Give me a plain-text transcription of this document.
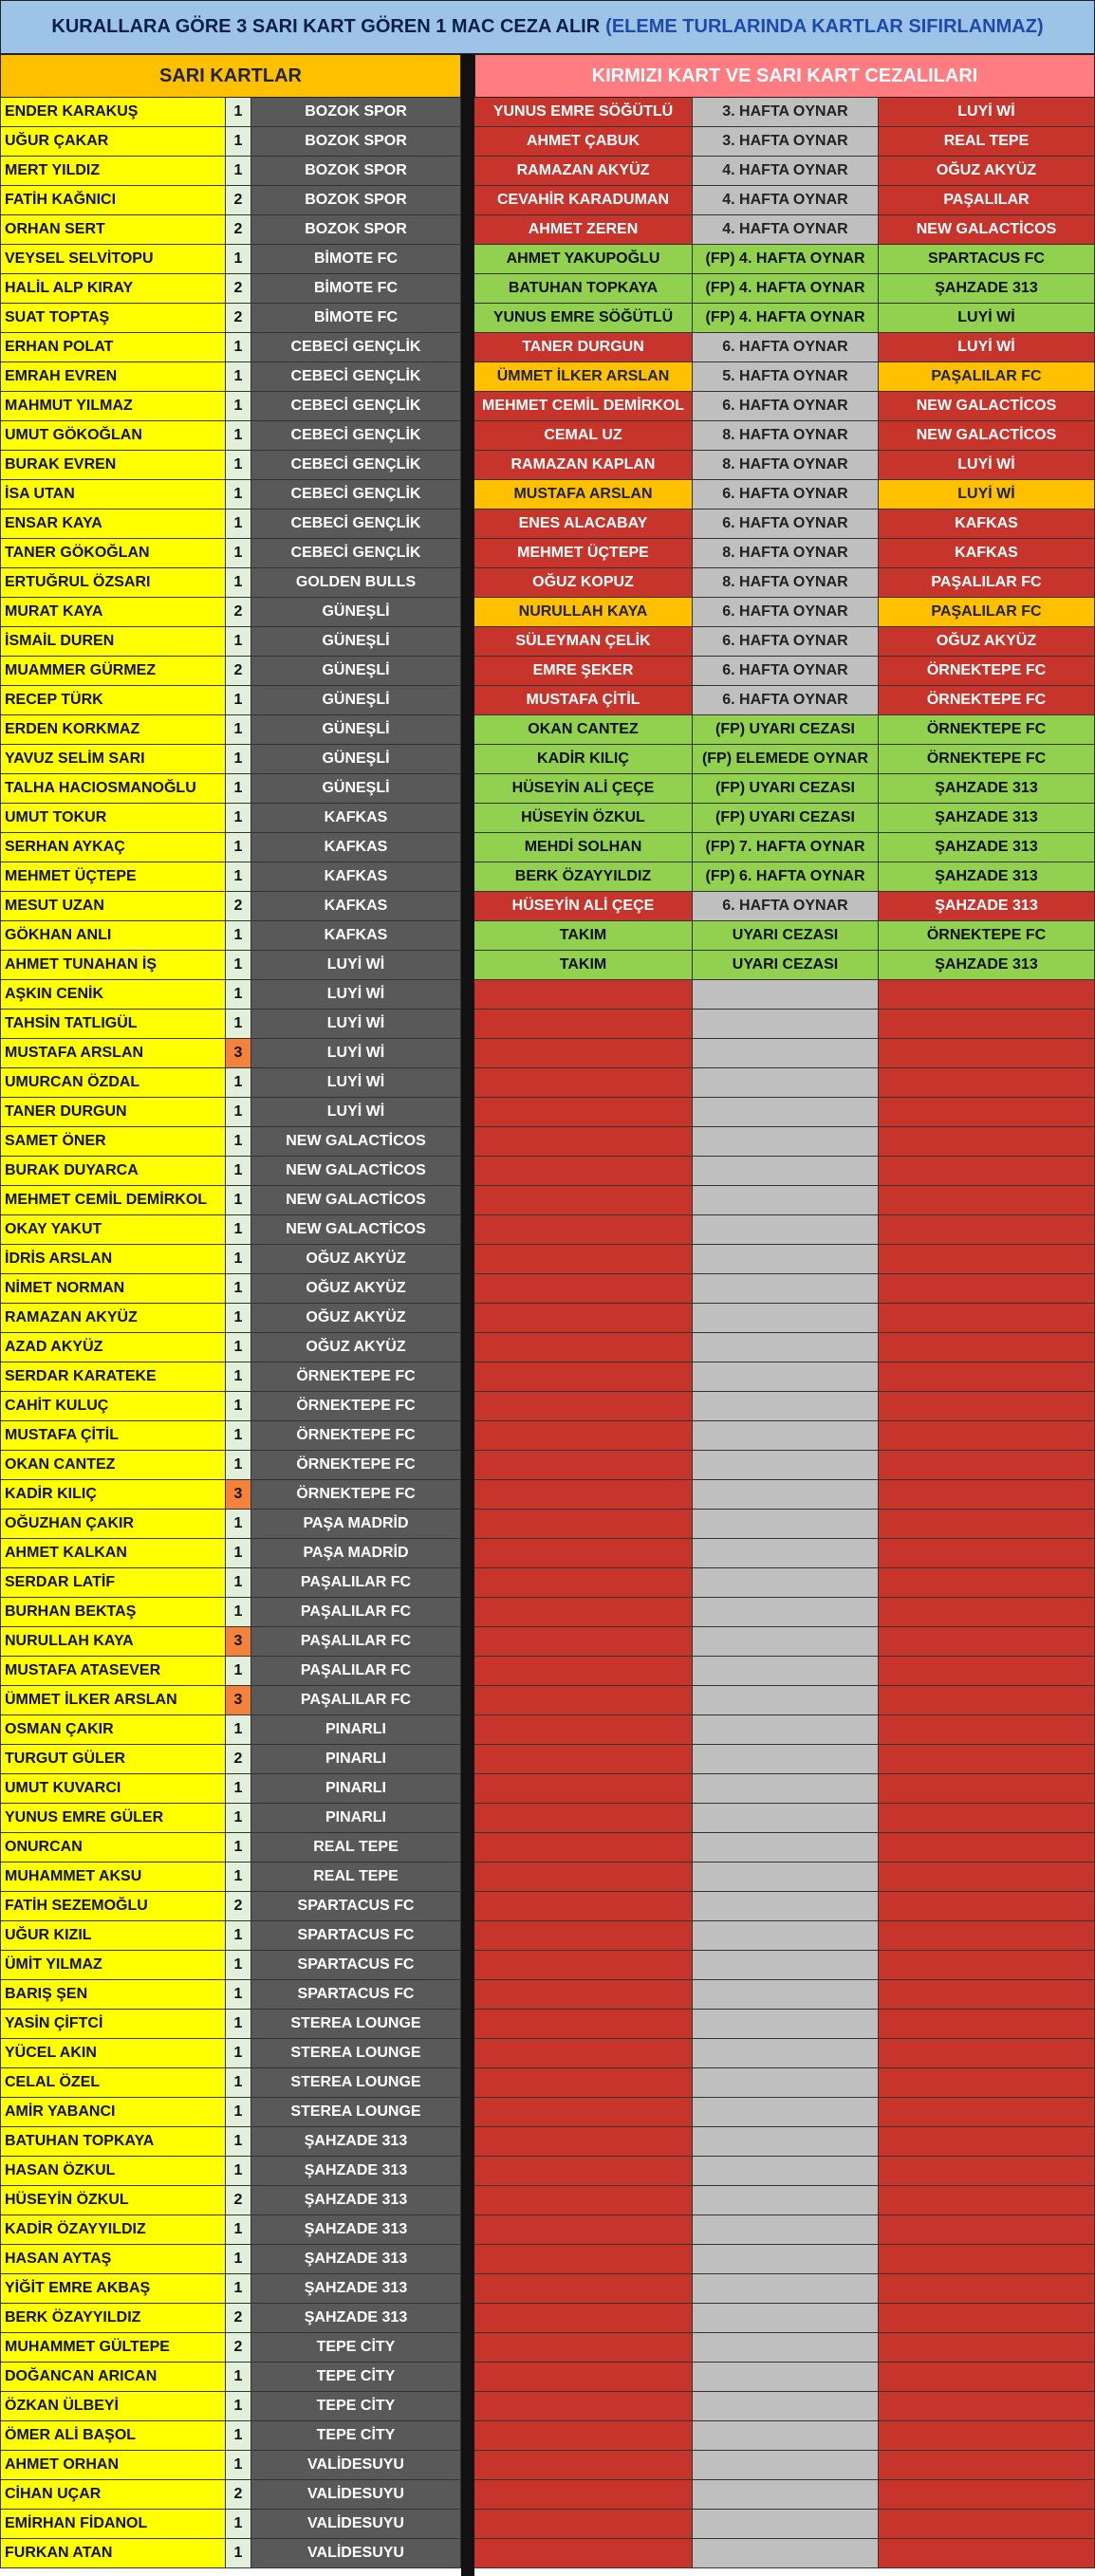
KURALLARA GÖRE 3 SARI KART GÖREN 1 MAC CEZA ALIR (ELEME TURLARINDA KARTLAR SIFIRLANMAZ)
SARI KARTLAR	KIRMIZI KART VE SARI KART CEZALILARI
ENDER KARAKUŞ	1	BOZOK SPOR	YUNUS EMRE SÖĞÜTLÜ	3. HAFTA OYNAR	LUYİ Wİ
UĞUR ÇAKAR	1	BOZOK SPOR	AHMET ÇABUK	3. HAFTA OYNAR	REAL TEPE
MERT YILDIZ	1	BOZOK SPOR	RAMAZAN AKYÜZ	4. HAFTA OYNAR	OĞUZ AKYÜZ
FATİH KAĞNICI	2	BOZOK SPOR	CEVAHİR KARADUMAN	4. HAFTA OYNAR	PAŞALILAR
ORHAN SERT	2	BOZOK SPOR	AHMET ZEREN	4. HAFTA OYNAR	NEW GALACTİCOS
VEYSEL SELVİTOPU	1	BİMOTE FC	AHMET YAKUPOĞLU	(FP) 4. HAFTA OYNAR	SPARTACUS FC
HALİL ALP KIRAY	2	BİMOTE FC	BATUHAN TOPKAYA	(FP) 4. HAFTA OYNAR	ŞAHZADE 313
SUAT TOPTAŞ	2	BİMOTE FC	YUNUS EMRE SÖĞÜTLÜ	(FP) 4. HAFTA OYNAR	LUYİ Wİ
ERHAN POLAT	1	CEBECİ GENÇLİK	TANER DURGUN	6. HAFTA OYNAR	LUYİ Wİ
EMRAH EVREN	1	CEBECİ GENÇLİK	ÜMMET İLKER ARSLAN	5. HAFTA OYNAR	PAŞALILAR FC
MAHMUT YILMAZ	1	CEBECİ GENÇLİK	MEHMET CEMİL DEMİRKOL	6. HAFTA OYNAR	NEW GALACTİCOS
UMUT GÖKOĞLAN	1	CEBECİ GENÇLİK	CEMAL UZ	8. HAFTA OYNAR	NEW GALACTİCOS
BURAK EVREN	1	CEBECİ GENÇLİK	RAMAZAN KAPLAN	8. HAFTA OYNAR	LUYİ Wİ
İSA UTAN	1	CEBECİ GENÇLİK	MUSTAFA ARSLAN	6. HAFTA OYNAR	LUYİ Wİ
ENSAR KAYA	1	CEBECİ GENÇLİK	ENES ALACABAY	6. HAFTA OYNAR	KAFKAS
TANER GÖKOĞLAN	1	CEBECİ GENÇLİK	MEHMET ÜÇTEPE	8. HAFTA OYNAR	KAFKAS
ERTUĞRUL ÖZSARI	1	GOLDEN BULLS	OĞUZ KOPUZ	8. HAFTA OYNAR	PAŞALILAR FC
MURAT KAYA	2	GÜNEŞLİ	NURULLAH KAYA	6. HAFTA OYNAR	PAŞALILAR FC
İSMAİL DUREN	1	GÜNEŞLİ	SÜLEYMAN ÇELİK	6. HAFTA OYNAR	OĞUZ AKYÜZ
MUAMMER GÜRMEZ	2	GÜNEŞLİ	EMRE ŞEKER	6. HAFTA OYNAR	ÖRNEKTEPE FC
RECEP TÜRK	1	GÜNEŞLİ	MUSTAFA ÇİTİL	6. HAFTA OYNAR	ÖRNEKTEPE FC
ERDEN KORKMAZ	1	GÜNEŞLİ	OKAN CANTEZ	(FP) UYARI CEZASI	ÖRNEKTEPE FC
YAVUZ SELİM SARI	1	GÜNEŞLİ	KADİR KILIÇ	(FP) ELEMEDE OYNAR	ÖRNEKTEPE FC
TALHA HACIOSMANOĞLU	1	GÜNEŞLİ	HÜSEYİN ALİ ÇEÇE	(FP) UYARI CEZASI	ŞAHZADE 313
UMUT TOKUR	1	KAFKAS	HÜSEYİN ÖZKUL	(FP) UYARI CEZASI	ŞAHZADE 313
SERHAN AYKAÇ	1	KAFKAS	MEHDİ SOLHAN	(FP) 7. HAFTA OYNAR	ŞAHZADE 313
MEHMET ÜÇTEPE	1	KAFKAS	BERK ÖZAYYILDIZ	(FP) 6. HAFTA OYNAR	ŞAHZADE 313
MESUT UZAN	2	KAFKAS	HÜSEYİN ALİ ÇEÇE	6. HAFTA OYNAR	ŞAHZADE 313
GÖKHAN ANLI	1	KAFKAS	TAKIM	UYARI CEZASI	ÖRNEKTEPE FC
AHMET TUNAHAN İŞ	1	LUYİ Wİ	TAKIM	UYARI CEZASI	ŞAHZADE 313
AŞKIN CENİK	1	LUYİ Wİ
TAHSİN TATLIGÜL	1	LUYİ Wİ
MUSTAFA ARSLAN	3	LUYİ Wİ
UMURCAN ÖZDAL	1	LUYİ Wİ
TANER DURGUN	1	LUYİ Wİ
SAMET ÖNER	1	NEW GALACTİCOS
BURAK DUYARCA	1	NEW GALACTİCOS
MEHMET CEMİL DEMİRKOL	1	NEW GALACTİCOS
OKAY YAKUT	1	NEW GALACTİCOS
İDRİS ARSLAN	1	OĞUZ AKYÜZ
NİMET NORMAN	1	OĞUZ AKYÜZ
RAMAZAN AKYÜZ	1	OĞUZ AKYÜZ
AZAD AKYÜZ	1	OĞUZ AKYÜZ
SERDAR KARATEKE	1	ÖRNEKTEPE FC
CAHİT KULUÇ	1	ÖRNEKTEPE FC
MUSTAFA ÇİTİL	1	ÖRNEKTEPE FC
OKAN CANTEZ	1	ÖRNEKTEPE FC
KADİR KILIÇ	3	ÖRNEKTEPE FC
OĞUZHAN ÇAKIR	1	PAŞA MADRİD
AHMET KALKAN	1	PAŞA MADRİD
SERDAR LATİF	1	PAŞALILAR FC
BURHAN BEKTAŞ	1	PAŞALILAR FC
NURULLAH KAYA	3	PAŞALILAR FC
MUSTAFA ATASEVER	1	PAŞALILAR FC
ÜMMET İLKER ARSLAN	3	PAŞALILAR FC
OSMAN ÇAKIR	1	PINARLI
TURGUT GÜLER	2	PINARLI
UMUT KUVARCI	1	PINARLI
YUNUS EMRE GÜLER	1	PINARLI
ONURCAN	1	REAL TEPE
MUHAMMET AKSU	1	REAL TEPE
FATİH SEZEMOĞLU	2	SPARTACUS FC
UĞUR KIZIL	1	SPARTACUS FC
ÜMİT YILMAZ	1	SPARTACUS FC
BARIŞ ŞEN	1	SPARTACUS FC
YASİN ÇİFTCİ	1	STEREA LOUNGE
YÜCEL AKIN	1	STEREA LOUNGE
CELAL ÖZEL	1	STEREA LOUNGE
AMİR YABANCI	1	STEREA LOUNGE
BATUHAN TOPKAYA	1	ŞAHZADE 313
HASAN ÖZKUL	1	ŞAHZADE 313
HÜSEYİN ÖZKUL	2	ŞAHZADE 313
KADİR ÖZAYYILDIZ	1	ŞAHZADE 313
HASAN AYTAŞ	1	ŞAHZADE 313
YİĞİT EMRE AKBAŞ	1	ŞAHZADE 313
BERK ÖZAYYILDIZ	2	ŞAHZADE 313
MUHAMMET GÜLTEPE	2	TEPE CİTY
DOĞANCAN ARICAN	1	TEPE CİTY
ÖZKAN ÜLBEYİ	1	TEPE CİTY
ÖMER ALİ BAŞOL	1	TEPE CİTY
AHMET ORHAN	1	VALİDESUYU
CİHAN UÇAR	2	VALİDESUYU
EMİRHAN FİDANOL	1	VALİDESUYU
FURKAN ATAN	1	VALİDESUYU
